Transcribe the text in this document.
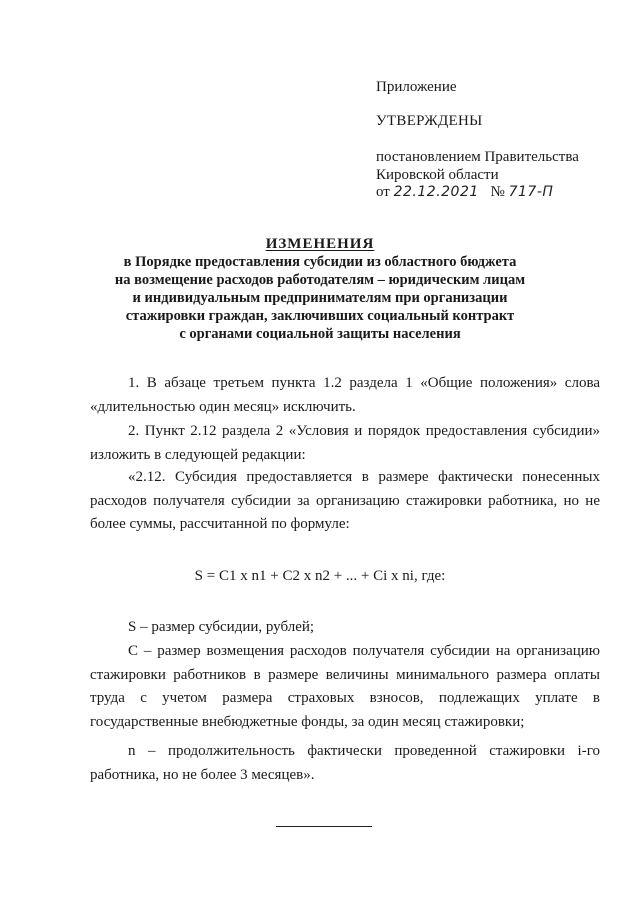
Приложение
УТВЕРЖДЕНЫ
постановлением Правительства
Кировской области
от 22.12.2021 № 717-П
ИЗМЕНЕНИЯ
в Порядке предоставления субсидии из областного бюджета
на возмещение расходов работодателям – юридическим лицам
и индивидуальным предпринимателям при организации
стажировки граждан, заключивших социальный контракт
с органами социальной защиты населения
1. В абзаце третьем пункта 1.2 раздела 1 «Общие положения» слова «длительностью один месяц» исключить.
2. Пункт 2.12 раздела 2 «Условия и порядок предоставления субсидии» изложить в следующей редакции:
«2.12. Субсидия предоставляется в размере фактически понесенных расходов получателя субсидии за организацию стажировки работника, но не более суммы, рассчитанной по формуле:
S = C1 x n1 + C2 x n2 + ... + Ci x ni, где:
S – размер субсидии, рублей;
C – размер возмещения расходов получателя субсидии на организацию стажировки работников в размере величины минимального размера оплаты труда с учетом размера страховых взносов, подлежащих уплате в государственные внебюджетные фонды, за один месяц стажировки;
n – продолжительность фактически проведенной стажировки i-го работника, но не более 3 месяцев».
